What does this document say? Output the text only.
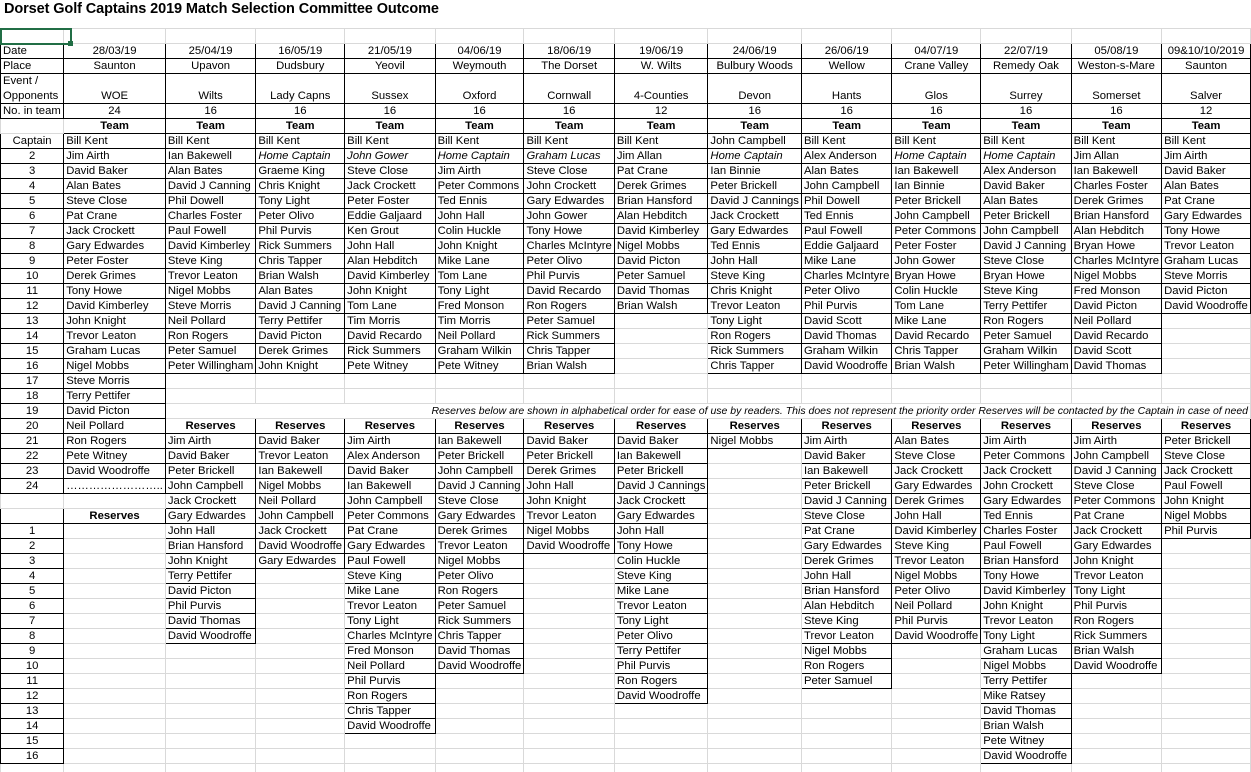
Dorset Golf Captains 2019 Match Selection Committee Outcome

Date	28/03/19	25/04/19	16/05/19	21/05/19	04/06/19	18/06/19	19/06/19	24/06/19	26/06/19	04/07/19	22/07/19	05/08/19	09&10/10/2019
Place	Saunton	Upavon	Dudsbury	Yeovil	Weymouth	The Dorset	W. Wilts	Bulbury Woods	Wellow	Crane Valley	Remedy Oak	Weston-s-Mare	Saunton
Event /													
Opponents	WOE	Wilts	Lady Capns	Sussex	Oxford	Cornwall	4-Counties	Devon	Hants	Glos	Surrey	Somerset	Salver
No. in team	24	16	16	16	16	16	12	16	16	16	16	16	12
	Team	Team	Team	Team	Team	Team	Team	Team	Team	Team	Team	Team	Team
Captain	Bill Kent	Bill Kent	Bill Kent	Bill Kent	Bill Kent	Bill Kent	Bill Kent	John Campbell	Bill Kent	Bill Kent	Bill Kent	Bill Kent	Bill Kent
2	Jim Airth	Ian Bakewell	Home Captain	John Gower	Home Captain	Graham Lucas	Jim Allan	Home Captain	Alex Anderson	Home Captain	Home Captain	Jim Allan	Jim Airth
3	David Baker	Alan Bates	Graeme King	Steve Close	Jim Airth	Steve Close	Pat Crane	Ian Binnie	Alan Bates	Ian Bakewell	Alex Anderson	Ian Bakewell	David Baker
4	Alan Bates	David J Canning	Chris Knight	Jack Crockett	Peter Commons	John Crockett	Derek Grimes	Peter Brickell	John Campbell	Ian Binnie	David Baker	Charles Foster	Alan Bates
5	Steve Close	Phil Dowell	Tony Light	Peter Foster	Ted Ennis	Gary Edwardes	Brian Hansford	David J Cannings	Phil Dowell	Peter Brickell	Alan Bates	Derek Grimes	Pat Crane
6	Pat Crane	Charles Foster	Peter Olivo	Eddie Galjaard	John Hall	John Gower	Alan Hebditch	Jack Crockett	Ted Ennis	John Campbell	Peter Brickell	Brian Hansford	Gary Edwardes
7	Jack Crockett	Paul Fowell	Phil Purvis	Ken Grout	Colin Huckle	Tony Howe	David Kimberley	Gary Edwardes	Paul Fowell	Peter Commons	John Campbell	Alan Hebditch	Tony Howe
8	Gary Edwardes	David Kimberley	Rick Summers	John Hall	John Knight	Charles McIntyre	Nigel Mobbs	Ted Ennis	Eddie Galjaard	Peter Foster	David J Canning	Bryan Howe	Trevor Leaton
9	Peter Foster	Steve King	Chris Tapper	Alan Hebditch	Mike Lane	Peter Olivo	David Picton	John Hall	Mike Lane	John Gower	Steve Close	Charles McIntyre	Graham Lucas
10	Derek Grimes	Trevor Leaton	Brian Walsh	David Kimberley	Tom Lane	Phil Purvis	Peter Samuel	Steve King	Charles McIntyre	Bryan Howe	Bryan Howe	Nigel Mobbs	Steve Morris
11	Tony Howe	Nigel Mobbs	Alan Bates	John Knight	Tony Light	David Recardo	David Thomas	Chris Knight	Peter Olivo	Colin Huckle	Steve King	Fred Monson	David Picton
12	David Kimberley	Steve Morris	David J Canning	Tom Lane	Fred Monson	Ron Rogers	Brian Walsh	Trevor Leaton	Phil Purvis	Tom Lane	Terry Pettifer	David Picton	David Woodroffe
13	John Knight	Neil Pollard	Terry Pettifer	Tim Morris	Tim Morris	Peter Samuel		Tony Light	David Scott	Mike Lane	Ron Rogers	Neil Pollard	
14	Trevor Leaton	Ron Rogers	David Picton	David Recardo	Neil Pollard	Rick Summers		Ron Rogers	David Thomas	David Recardo	Peter Samuel	David Recardo	
15	Graham Lucas	Peter Samuel	Derek Grimes	Rick Summers	Graham Wilkin	Chris Tapper		Rick Summers	Graham Wilkin	Chris Tapper	Graham Wilkin	David Scott	
16	Nigel Mobbs	Peter Willingham	John Knight	Pete Witney	Pete Witney	Brian Walsh		Chris Tapper	David Woodroffe	Brian Walsh	Peter Willingham	David Thomas	
17	Steve Morris												
18	Terry Pettifer												
19	David Picton	Reserves below are shown in alphabetical order for ease of use by readers. This does not represent the priority order Reserves will be contacted by the Captain in case of need											
20	Neil Pollard	Reserves	Reserves	Reserves	Reserves	Reserves	Reserves	Reserves	Reserves	Reserves	Reserves	Reserves	Reserves
21	Ron Rogers	Jim Airth	David Baker	Jim Airth	Ian Bakewell	David Baker	David Baker	Nigel Mobbs	Jim Airth	Alan Bates	Jim Airth	Jim Airth	Peter Brickell
22	Pete Witney	David Baker	Trevor Leaton	Alex Anderson	Peter Brickell	Peter Brickell	Ian Bakewell		David Baker	Steve Close	Peter Commons	John Campbell	Steve Close
23	David Woodroffe	Peter Brickell	Ian Bakewell	David Baker	John Campbell	Derek Grimes	Peter Brickell		Ian Bakewell	Jack Crockett	Jack Crockett	David J Canning	Jack Crockett
24	……………………..	John Campbell	Nigel Mobbs	Ian Bakewell	David J Canning	John Hall	David J Cannings		Peter Brickell	Gary Edwardes	John Crockett	Steve Close	Paul Fowell
		Jack Crockett	Neil Pollard	John Campbell	Steve Close	John Knight	Jack Crockett		David J Canning	Derek Grimes	Gary Edwardes	Peter Commons	John Knight
	Reserves	Gary Edwardes	John Campbell	Peter Commons	Gary Edwardes	Trevor Leaton	Gary Edwardes		Steve Close	John Hall	Ted Ennis	Pat Crane	Nigel Mobbs
1		John Hall	Jack Crockett	Pat Crane	Derek Grimes	Nigel Mobbs	John Hall		Pat Crane	David Kimberley	Charles Foster	Jack Crockett	Phil Purvis
2		Brian Hansford	David Woodroffe	Gary Edwardes	Trevor Leaton	David Woodroffe	Tony Howe		Gary Edwardes	Steve King	Paul Fowell	Gary Edwardes	
3		John Knight	Gary Edwardes	Paul Fowell	Nigel Mobbs		Colin Huckle		Derek Grimes	Trevor Leaton	Brian Hansford	John Knight	
4		Terry Pettifer		Steve King	Peter Olivo		Steve King		John Hall	Nigel Mobbs	Tony Howe	Trevor Leaton	
5		David Picton		Mike Lane	Ron Rogers		Mike Lane		Brian Hansford	Peter Olivo	David Kimberley	Tony Light	
6		Phil Purvis		Trevor Leaton	Peter Samuel		Trevor Leaton		Alan Hebditch	Neil Pollard	John Knight	Phil Purvis	
7		David Thomas		Tony Light	Rick Summers		Tony Light		Steve King	Phil Purvis	Trevor Leaton	Ron Rogers	
8		David Woodroffe		Charles McIntyre	Chris Tapper		Peter Olivo		Trevor Leaton	David Woodroffe	Tony Light	Rick Summers	
9				Fred Monson	David Thomas		Terry Pettifer		Nigel Mobbs		Graham Lucas	Brian Walsh	
10				Neil Pollard	David Woodroffe		Phil Purvis		Ron Rogers		Nigel Mobbs	David Woodroffe	
11				Phil Purvis			Ron Rogers		Peter Samuel		Terry Pettifer		
12				Ron Rogers			David Woodroffe				Mike Ratsey		
13				Chris Tapper							David Thomas		
14				David Woodroffe							Brian Walsh		
15											Pete Witney		
16											David Woodroffe		
